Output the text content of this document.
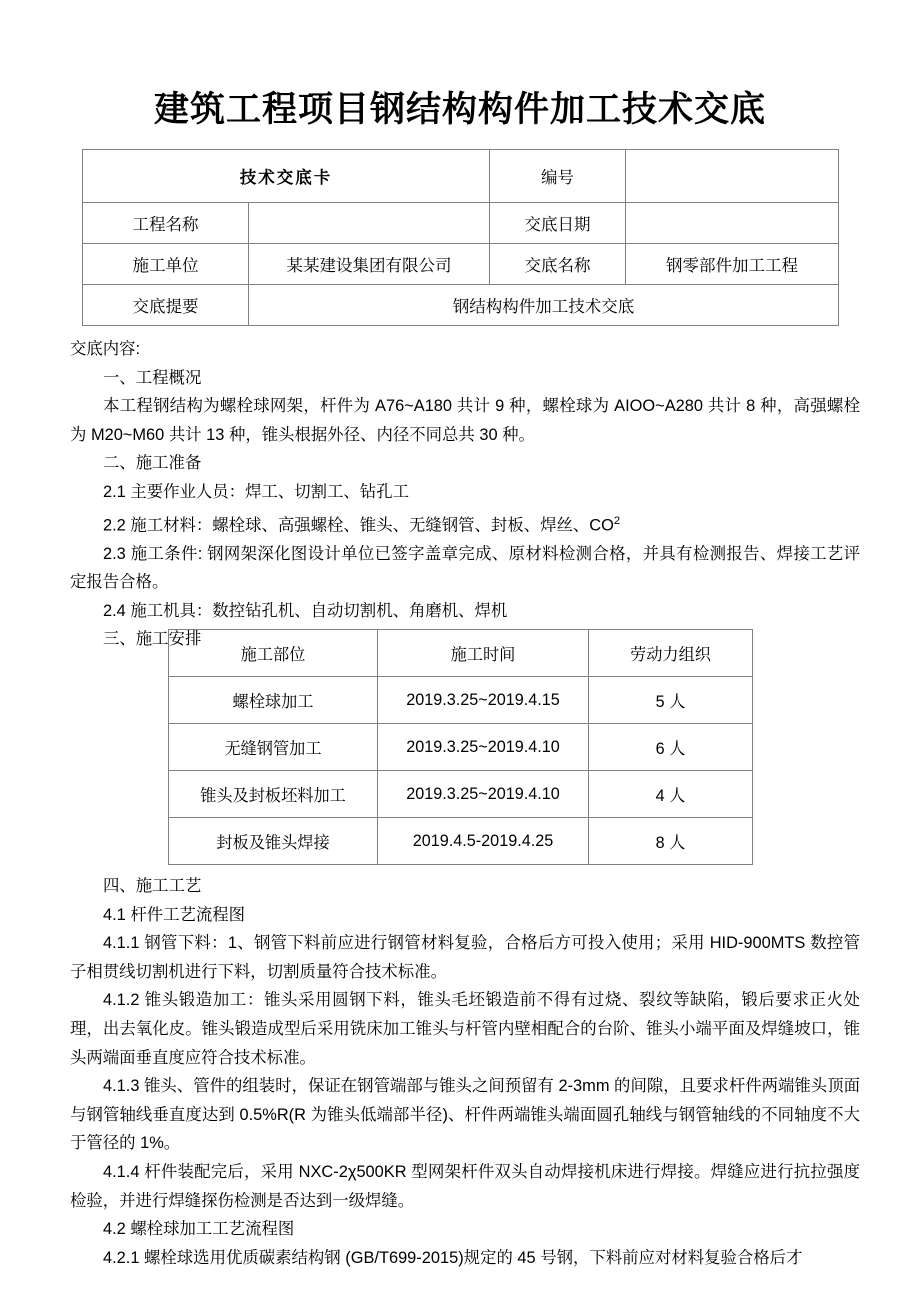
建筑工程项目钢结构构件加工技术交底
技术交底卡		编号	
工程名称		交底日期	
施工单位	某某建设集团有限公司	交底名称	钢零部件加工工程
交底提要	钢结构构件加工技术交底		

交底内容:

一、工程概况

本工程钢结构为螺栓球网架，杆件为 A76~A180 共计 9 种，螺栓球为 AIOO~A280 共计 8 种，高强螺栓为 M20~M60 共计 13 种，锥头根据外径、内径不同总共 30 种。

二、施工准备

2.1 主要作业人员：焊工、切割工、钻孔工

2.2 施工材料：螺栓球、高强螺栓、锥头、无缝钢管、封板、焊丝、$CO^2$

2.3 施工条件: 钢网架深化图设计单位已签字盖章完成、原材料检测合格，并具有检测报告、焊接工艺评定报告合格。

2.4 施工机具：数控钻孔机、自动切割机、角磨机、焊机

三、施工安排

施工部位	施工时间	劳动力组织
螺栓球加工	2019.3.25~2019.4.15	5 人
无缝钢管加工	2019.3.25~2019.4.10	6 人
锥头及封板坯料加工	2019.3.25~2019.4.10	4 人
封板及锥头焊接	2019.4.5-2019.4.25	8 人

四、施工工艺

4.1 杆件工艺流程图

4.1.1 钢管下料：1、钢管下料前应进行钢管材料复验，合格后方可投入使用；采用 HID-900MTS 数控管子相贯线切割机进行下料，切割质量符合技术标准。

4.1.2 锥头锻造加工：锥头采用圆钢下料，锥头毛坯锻造前不得有过烧、裂纹等缺陷，锻后要求正火处理，出去氧化皮。锥头锻造成型后采用铣床加工锥头与杆管内壁相配合的台阶、锥头小端平面及焊缝坡口，锥头两端面垂直度应符合技术标准。

4.1.3 锥头、管件的组装时，保证在钢管端部与锥头之间预留有 2-3mm 的间隙，且要求杆件两端锥头顶面与钢管轴线垂直度达到 0.5%R(R 为锥头低端部半径)、杆件两端锥头端面圆孔轴线与钢管轴线的不同轴度不大于管径的 1%。

4.1.4 杆件装配完后，采用 NXC-2χ500KR 型网架杆件双头自动焊接机床进行焊接。焊缝应进行抗拉强度检验，并进行焊缝探伤检测是否达到一级焊缝。

4.2 螺栓球加工工艺流程图

4.2.1 螺栓球选用优质碳素结构钢 (GB/T699-2015)规定的 45 号钢，下料前应对材料复验合格后才
